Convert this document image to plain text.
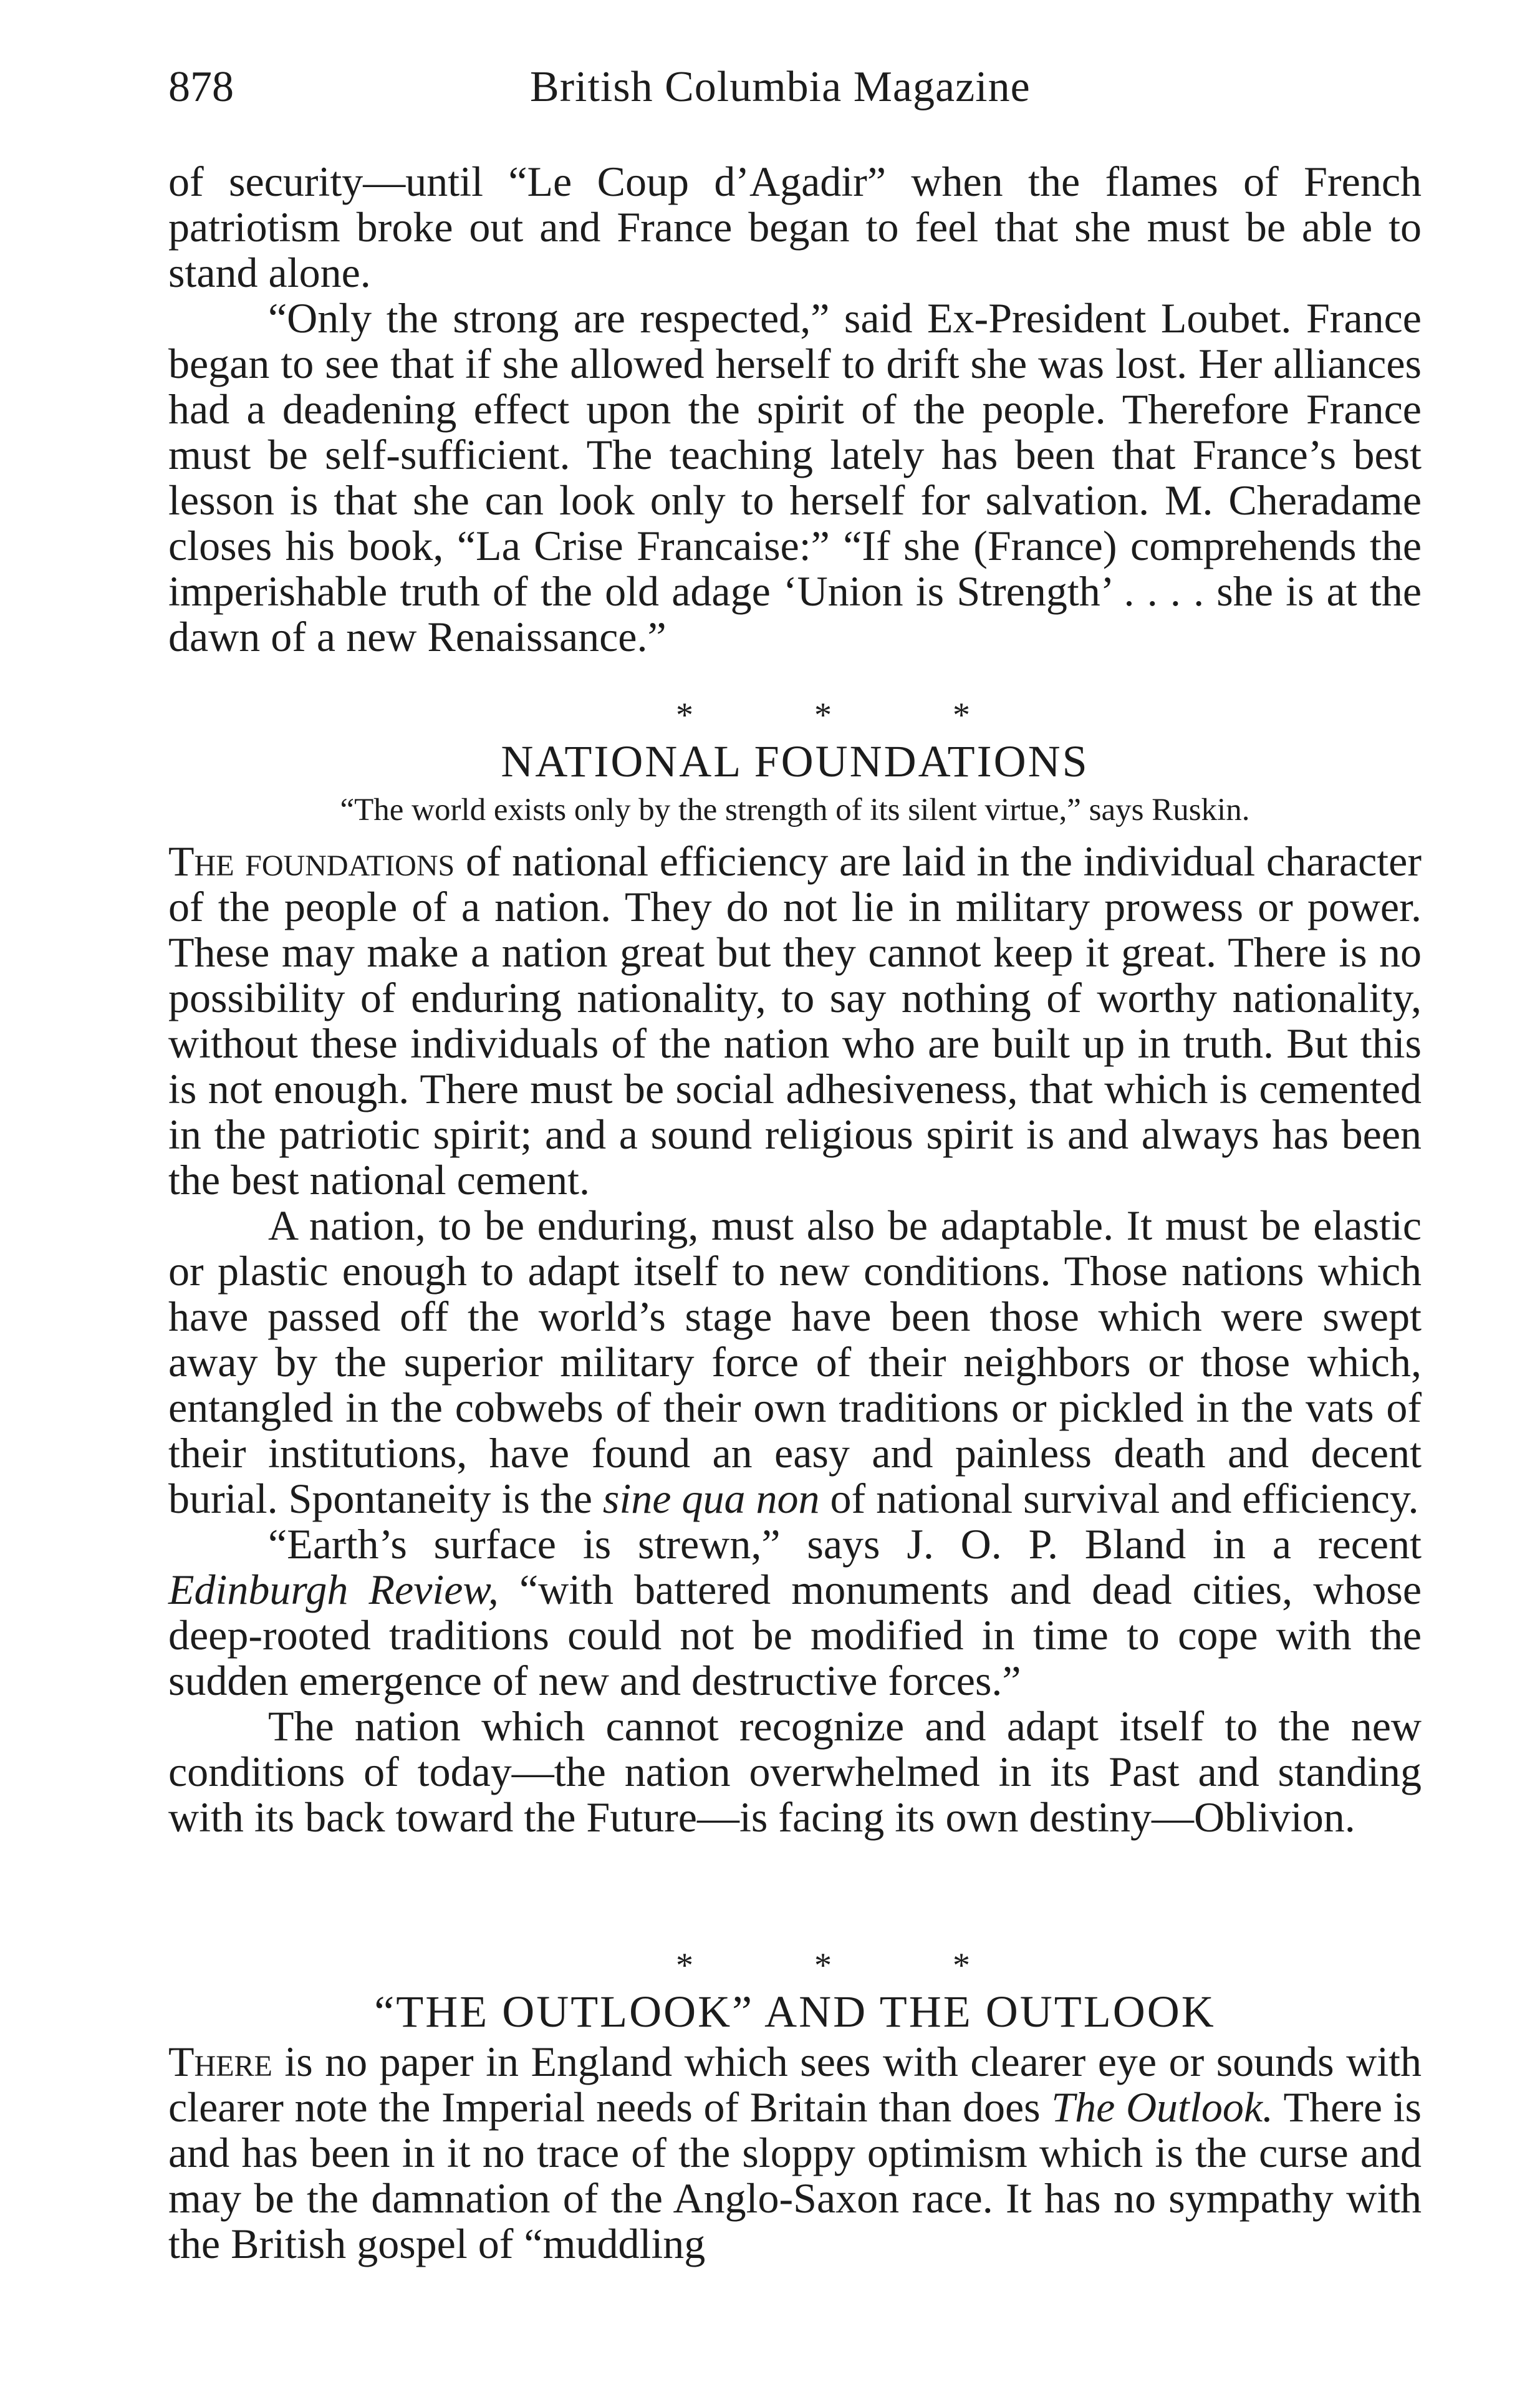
878	British Columbia Magazine

of security—until “Le Coup d’Agadir” when the flames of French patriotism broke out and France began to feel that she must be able to stand alone.

“Only the strong are respected,” said Ex-President Loubet. France began to see that if she allowed herself to drift she was lost. Her alliances had a deadening effect upon the spirit of the people. Therefore France must be self-sufficient. The teaching lately has been that France’s best lesson is that she can look only to herself for salvation. M. Cheradame closes his book, “La Crise Francaise:” “If she (France) comprehends the imperishable truth of the old adage ‘Union is Strength’ . . . . she is at the dawn of a new Renaissance.”

* * *
NATIONAL FOUNDATIONS
“The world exists only by the strength of its silent virtue,” says Ruskin.

The foundations of national efficiency are laid in the individual character of the people of a nation. They do not lie in military prowess or power. These may make a nation great but they cannot keep it great. There is no possibility of enduring nationality, to say nothing of worthy nationality, without these individuals of the nation who are built up in truth. But this is not enough. There must be social adhesiveness, that which is cemented in the patriotic spirit; and a sound religious spirit is and always has been the best national cement.

A nation, to be enduring, must also be adaptable. It must be elastic or plastic enough to adapt itself to new conditions. Those nations which have passed off the world’s stage have been those which were swept away by the superior military force of their neighbors or those which, entangled in the cobwebs of their own traditions or pickled in the vats of their institutions, have found an easy and painless death and decent burial. Spontaneity is the sine qua non of national survival and efficiency.

“Earth’s surface is strewn,” says J. O. P. Bland in a recent Edinburgh Review, “with battered monuments and dead cities, whose deep-rooted traditions could not be modified in time to cope with the sudden emergence of new and destructive forces.”

The nation which cannot recognize and adapt itself to the new conditions of today—the nation overwhelmed in its Past and standing with its back toward the Future—is facing its own destiny—Oblivion.

* * *
“THE OUTLOOK” AND THE OUTLOOK

There is no paper in England which sees with clearer eye or sounds with clearer note the Imperial needs of Britain than does The Outlook. There is and has been in it no trace of the sloppy optimism which is the curse and may be the damnation of the Anglo-Saxon race. It has no sympathy with the British gospel of “muddling
